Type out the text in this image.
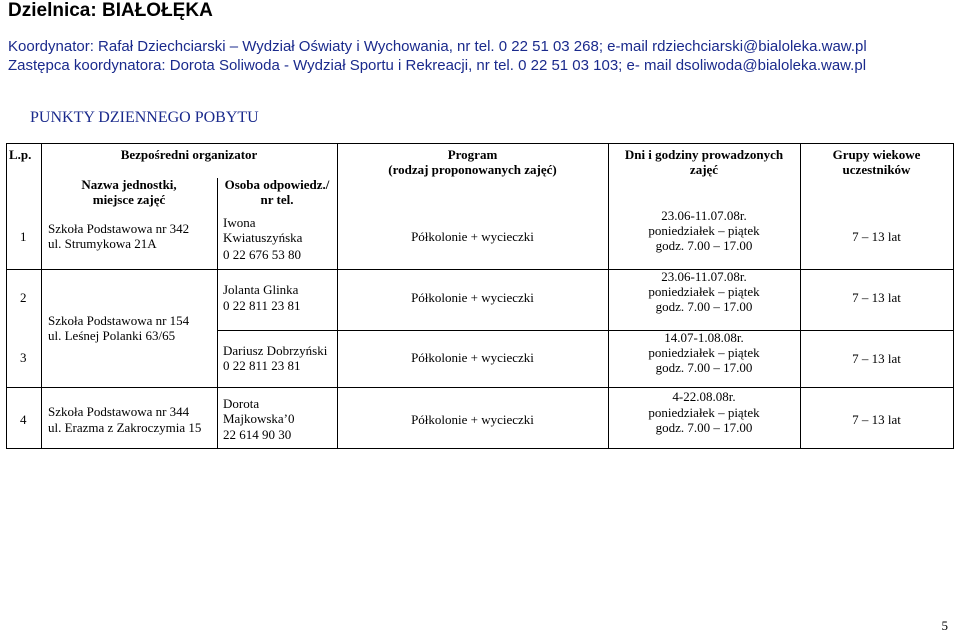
Dzielnica: BIAŁOŁĘKA
Koordynator: Rafał Dziechciarski – Wydział Oświaty i Wychowania, nr tel. 0 22 51 03 268; e-mail rdziechciarski@bialoleka.waw.pl
Zastępca koordynatora: Dorota Soliwoda - Wydział Sportu i Rekreacji, nr tel. 0 22 51 03 103; e- mail dsoliwoda@bialoleka.waw.pl
PUNKTY DZIENNEGO POBYTU
L.p.	Bezpośredni organizator
Nazwa jednostki,
miejsce zajęć
Osoba odpowiedz./
nr tel.
Program
(rodzaj proponowanych zajęć)
Dni i godziny prowadzonych
zajęć
Grupy wiekowe
uczestników
1
Szkoła Podstawowa nr 342
ul. Strumykowa 21A
Iwona
Kwiatuszyńska
0 22 676 53 80
Półkolonie + wycieczki
23.06-11.07.08r.
poniedziałek – piątek
godz. 7.00 – 17.00
7 – 13 lat
2
Szkoła Podstawowa nr 154
ul. Leśnej Polanki 63/65
Jolanta Glinka
0 22 811 23 81
Półkolonie + wycieczki
23.06-11.07.08r.
poniedziałek – piątek
godz. 7.00 – 17.00
7 – 13 lat
3	Dariusz Dobrzyński
0 22 811 23 81
Półkolonie + wycieczki
14.07-1.08.08r.
poniedziałek – piątek
godz. 7.00 – 17.00
7 – 13 lat
4
Szkoła Podstawowa nr 344
ul. Erazma z Zakroczymia 15
Dorota
Majkowska’0
22 614 90 30
Półkolonie + wycieczki
4-22.08.08r.
poniedziałek – piątek
godz. 7.00 – 17.00
7 – 13 lat
5
